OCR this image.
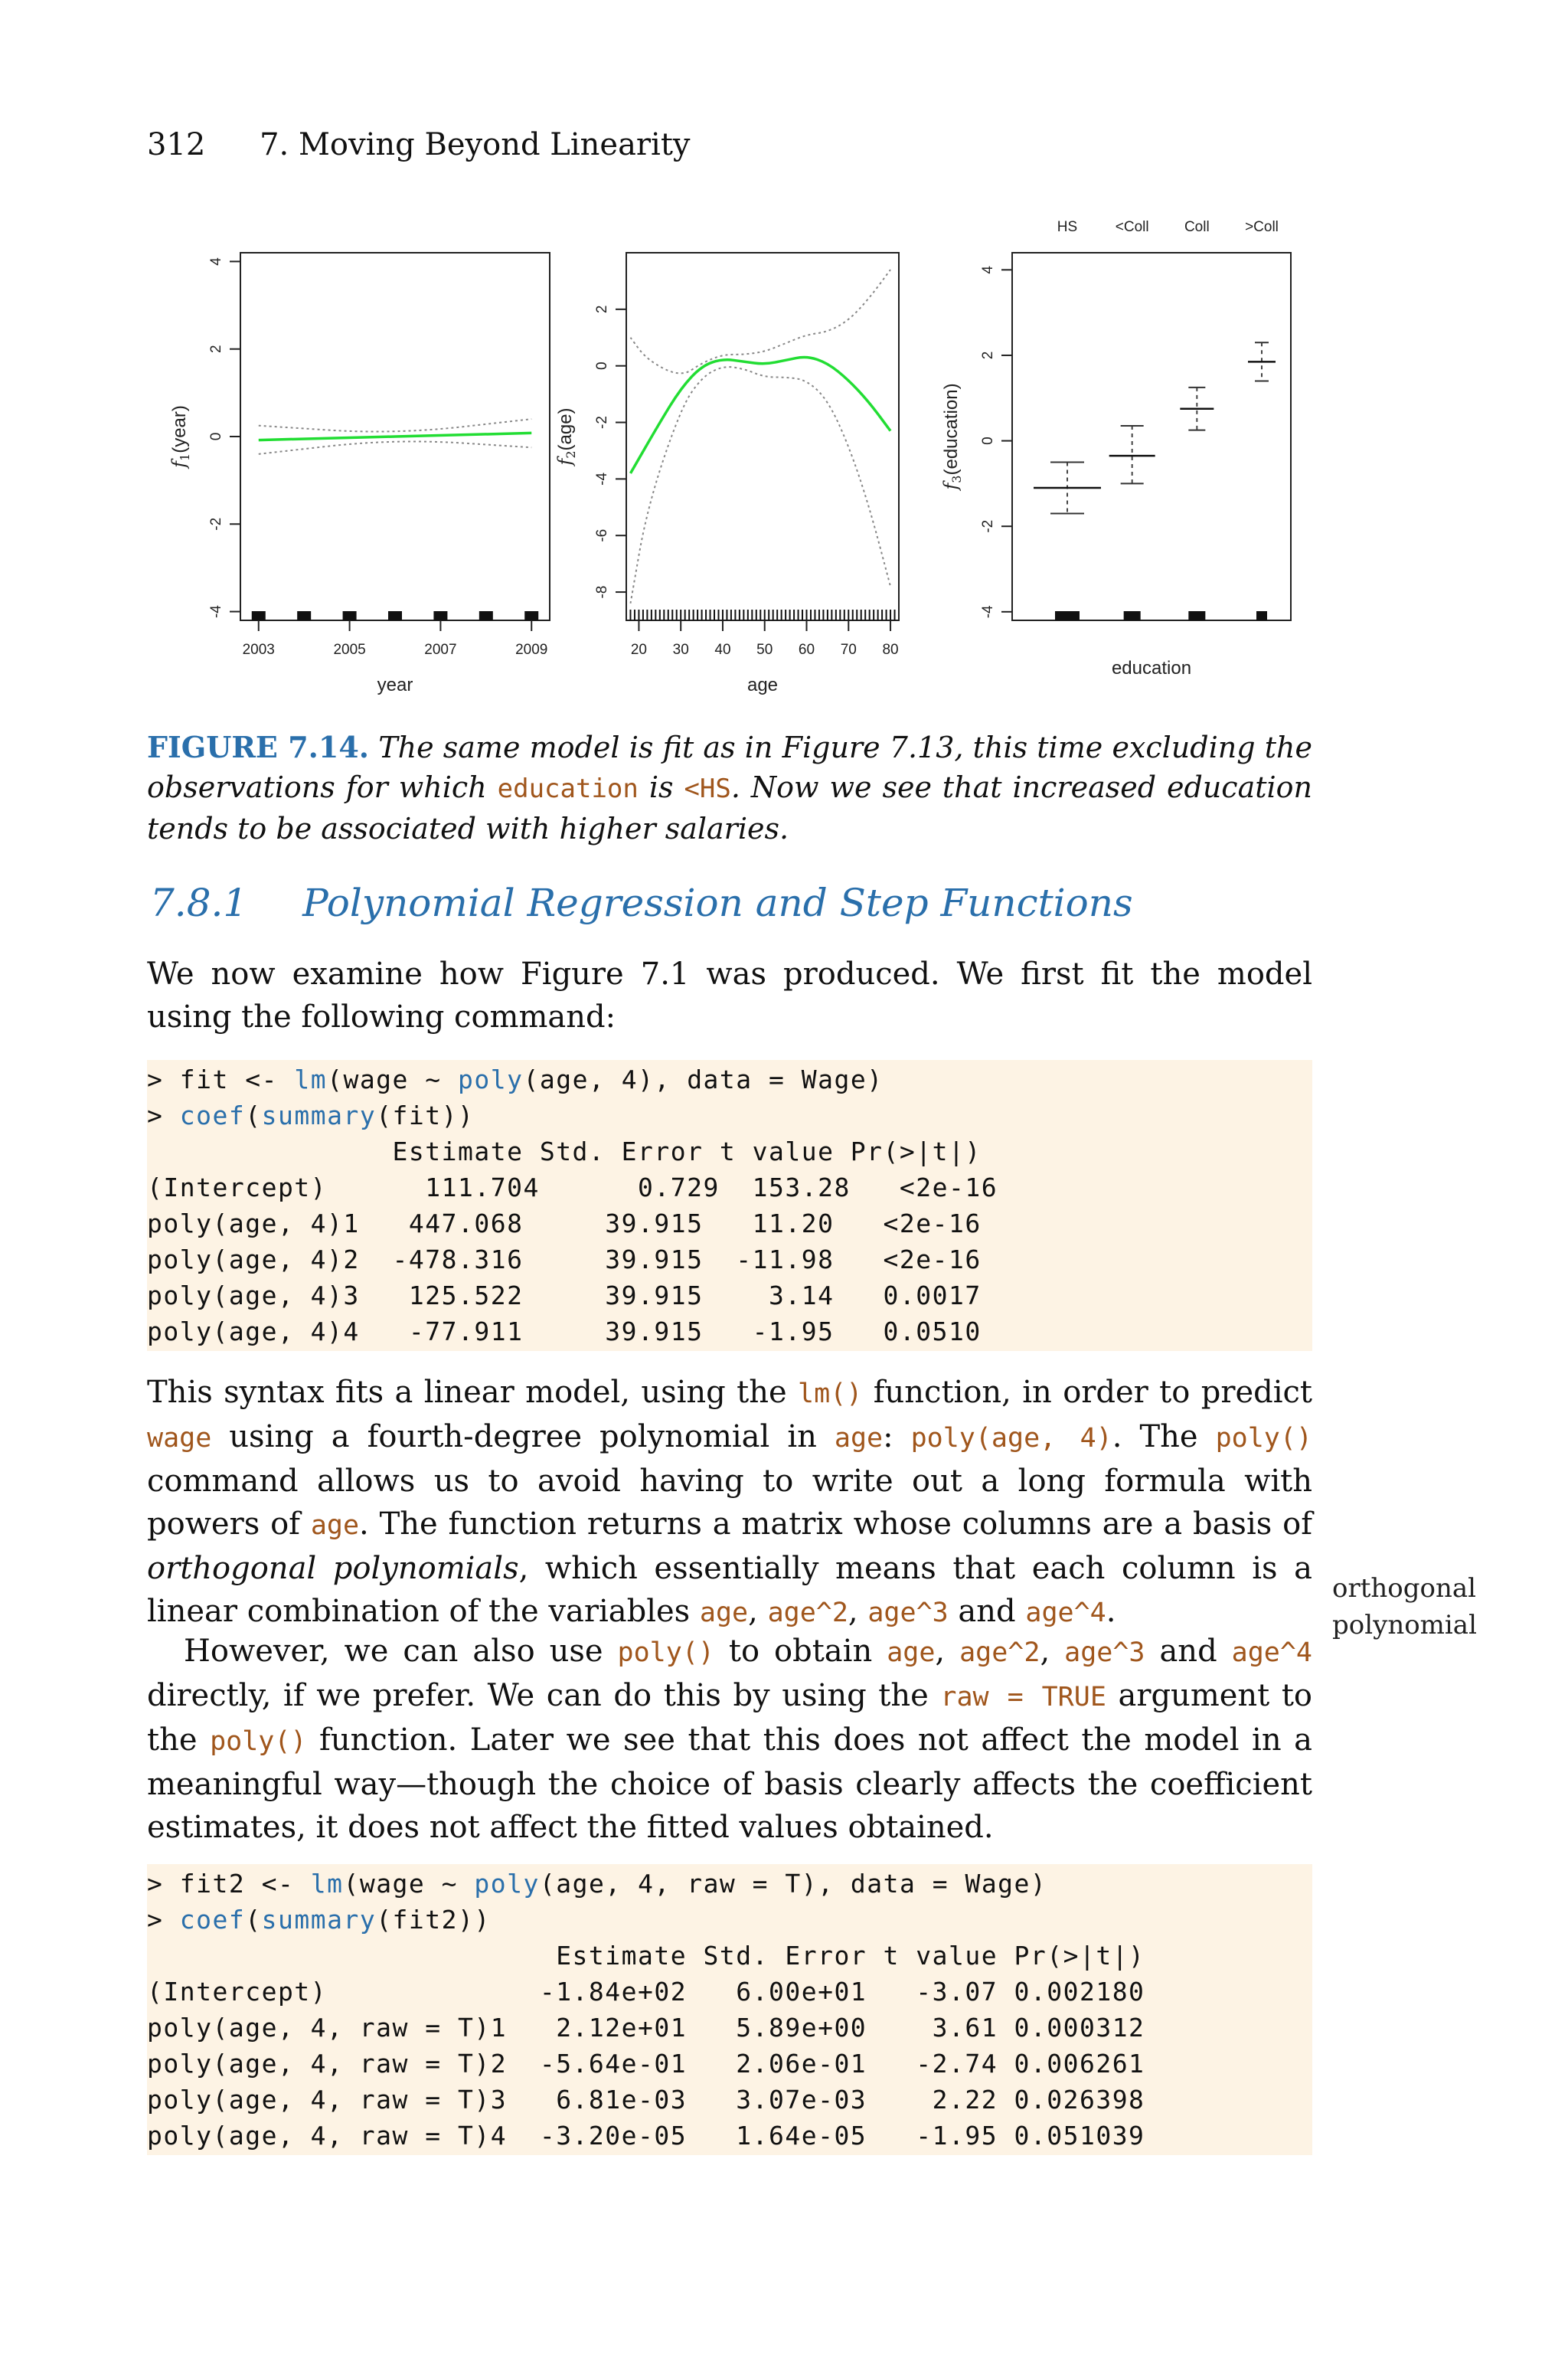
312 7. Moving Beyond Linearity
-4
-2
0
2
4
$f_1(year)$
year
2003	2005	2007	2009
-8
-6
-4
-2
0
2
$f_2(age)$
age
20 30 40 50 60 70 80
-4
-2
0
2
4
$f_3(education)$
education
HS	<Coll Coll >Coll
FIGURE 7.14. The same model is fit as in Figure 7.13, this time excluding the observations for which education is <HS. Now we see that increased education tends to be associated with higher salaries.
7.8.1 Polynomial Regression and Step Functions
We now examine how Figure 7.1 was produced. We first fit the model using the following command:
> fit <- lm(wage ~ poly(age, 4), data = Wage)
> coef(summary(fit))
Estimate Std. Error t value Pr(>|t|)
(Intercept)      111.704      0.729  153.28   <2e-16
poly(age, 4)1   447.068     39.915   11.20   <2e-16
poly(age, 4)2  -478.316     39.915  -11.98   <2e-16
poly(age, 4)3   125.522     39.915    3.14   0.0017
poly(age, 4)4   -77.911     39.915   -1.95   0.0510
This syntax fits a linear model, using the lm() function, in order to predict wage using a fourth-degree polynomial in age: poly(age, 4). The poly() command allows us to avoid having to write out a long formula with powers of age. The function returns a matrix whose columns are a basis of orthogonal polynomials, which essentially means that each column is a linear combination of the variables age, age^2, age^3 and age^4.
orthogonal
polynomial
However, we can also use poly() to obtain age, age^2, age^3 and age^4 directly, if we prefer. We can do this by using the raw = TRUE argument to the poly() function. Later we see that this does not affect the model in a meaningful way—though the choice of basis clearly affects the coefficient estimates, it does not affect the fitted values obtained.
> fit2 <- lm(wage ~ poly(age, 4, raw = T), data = Wage)
> coef(summary(fit2))
Estimate Std. Error t value Pr(>|t|)
(Intercept)             -1.84e+02   6.00e+01   -3.07 0.002180
poly(age, 4, raw = T)1   2.12e+01   5.89e+00    3.61 0.000312
poly(age, 4, raw = T)2  -5.64e-01   2.06e-01   -2.74 0.006261
poly(age, 4, raw = T)3   6.81e-03   3.07e-03    2.22 0.026398
poly(age, 4, raw = T)4  -3.20e-05   1.64e-05   -1.95 0.051039
